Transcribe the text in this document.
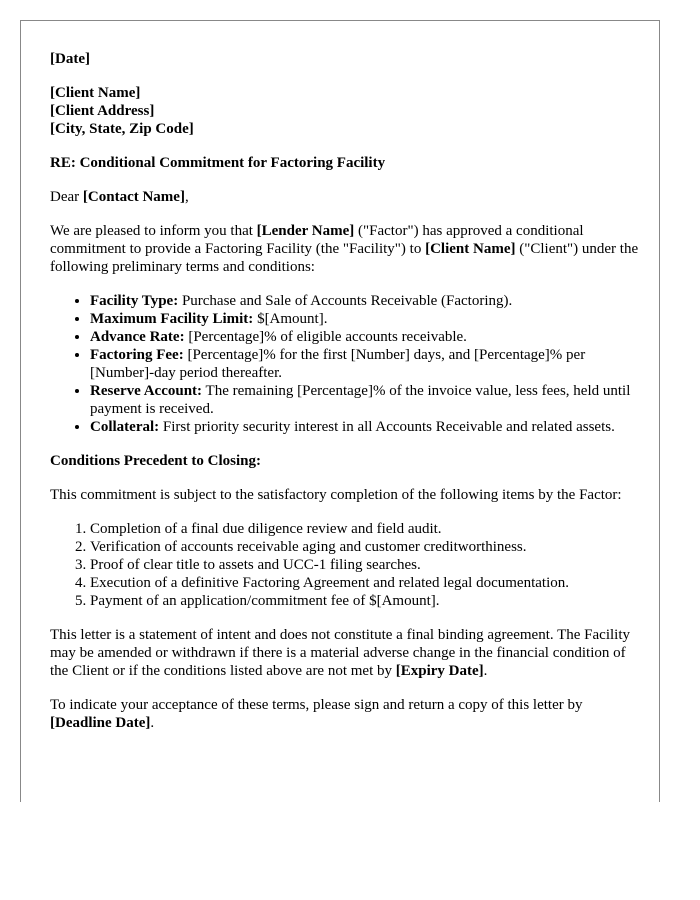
[Date]

[Client Name]

[Client Address]

[City, State, Zip Code]

RE: Conditional Commitment for Factoring Facility

Dear [Contact Name],

We are pleased to inform you that [Lender Name] ("Factor") has approved a conditional commitment to provide a Factoring Facility (the "Facility") to [Client Name] ("Client") under the following preliminary terms and conditions:

• Facility Type: Purchase and Sale of Accounts Receivable (Factoring).
• Maximum Facility Limit: $[Amount].
• Advance Rate: [Percentage]% of eligible accounts receivable.
• Factoring Fee: [Percentage]% for the first [Number] days, and [Percentage]% per [Number]-day period thereafter.
• Reserve Account: The remaining [Percentage]% of the invoice value, less fees, held until payment is received.
• Collateral: First priority security interest in all Accounts Receivable and related assets.

Conditions Precedent to Closing:

This commitment is subject to the satisfactory completion of the following items by the Factor:

1. Completion of a final due diligence review and field audit.
2. Verification of accounts receivable aging and customer creditworthiness.
3. Proof of clear title to assets and UCC-1 filing searches.
4. Execution of a definitive Factoring Agreement and related legal documentation.
5. Payment of an application/commitment fee of $[Amount].

This letter is a statement of intent and does not constitute a final binding agreement. The Facility may be amended or withdrawn if there is a material adverse change in the financial condition of the Client or if the conditions listed above are not met by [Expiry Date].

To indicate your acceptance of these terms, please sign and return a copy of this letter by [Deadline Date].
